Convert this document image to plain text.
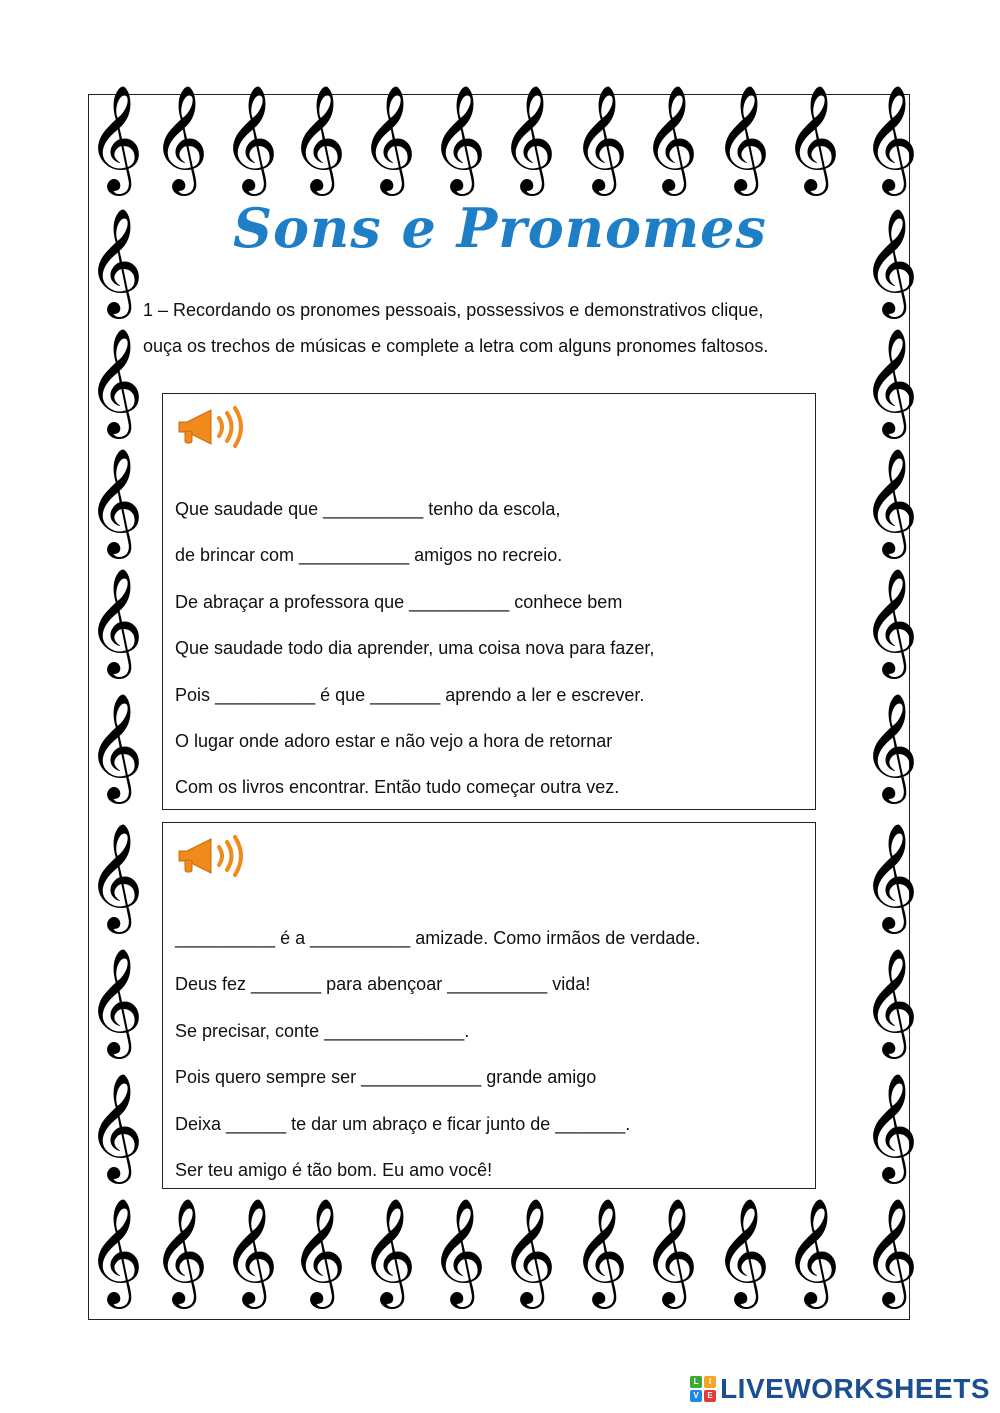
𝄞 𝄞 𝄞 𝄞 𝄞 𝄞 𝄞 𝄞 𝄞 𝄞 𝄞 𝄞
𝄞 𝄞 𝄞 𝄞 𝄞 𝄞 𝄞 𝄞 𝄞 𝄞 𝄞 𝄞
𝄞	𝄞
𝄞	𝄞
𝄞	𝄞
𝄞	𝄞
𝄞	𝄞
𝄞	𝄞
𝄞	𝄞
𝄞	𝄞
Sons e Pronomes

1 – Recordando os pronomes pessoais, possessivos e demonstrativos clique,

ouça os trechos de músicas e complete a letra com alguns pronomes faltosos.

Que saudade que __________ tenho da escola,
de brincar com ___________ amigos no recreio.
De abraçar a professora que __________ conhece bem
Que saudade todo dia aprender, uma coisa nova para fazer,
Pois __________ é que _______ aprendo a ler e escrever.
O lugar onde adoro estar e não vejo a hora de retornar
Com os livros encontrar. Então tudo começar outra vez.
__________ é a __________ amizade. Como irmãos de verdade.
Deus fez _______ para abençoar __________ vida!
Se precisar, conte ______________.
Pois quero sempre ser ____________ grande amigo
Deixa ______ te dar um abraço e ficar junto de _______.
Ser teu amigo é tão bom. Eu amo você!
L	I
V	E LIVEWORKSHEETS
